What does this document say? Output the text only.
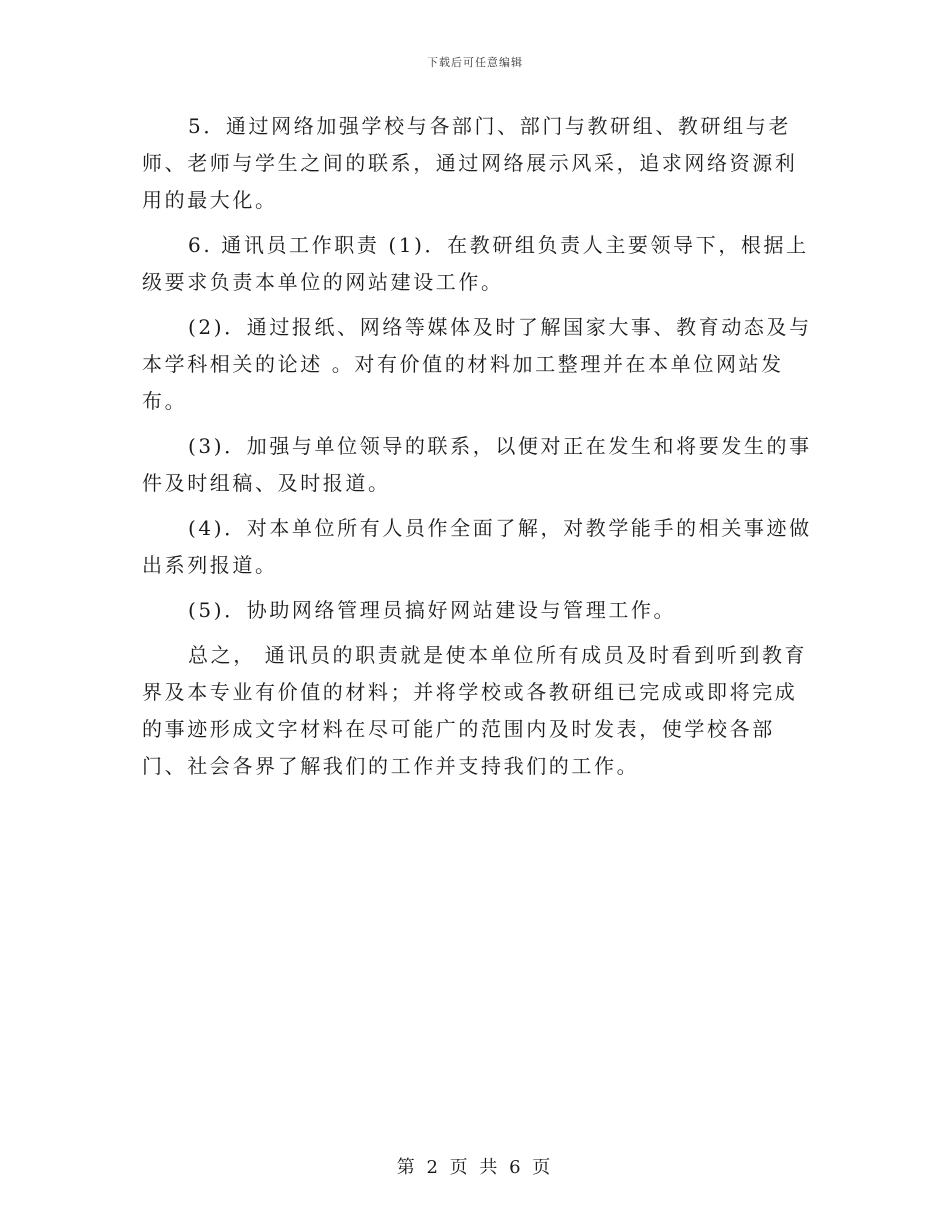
下载后可任意编辑

5．通过网络加强学校与各部门、部门与教研组、教研组与老师、老师与学生之间的联系，通过网络展示风采，追求网络资源利用的最大化。

6. 通讯员工作职责 (1)．在教研组负责人主要领导下，根据上级要求负责本单位的网站建设工作。

(2)．通过报纸、网络等媒体及时了解国家大事、教育动态及与本学科相关的论述 。对有价值的材料加工整理并在本单位网站发布。

(3)．加强与单位领导的联系，以便对正在发生和将要发生的事件及时组稿、及时报道。

(4)．对本单位所有人员作全面了解，对教学能手的相关事迹做出系列报道。

(5)．协助网络管理员搞好网站建设与管理工作。

总之， 通讯员的职责就是使本单位所有成员及时看到听到教育界及本专业有价值的材料；并将学校或各教研组已完成或即将完成的事迹形成文字材料在尽可能广的范围内及时发表，使学校各部门、社会各界了解我们的工作并支持我们的工作。

第 2 页 共 6 页
